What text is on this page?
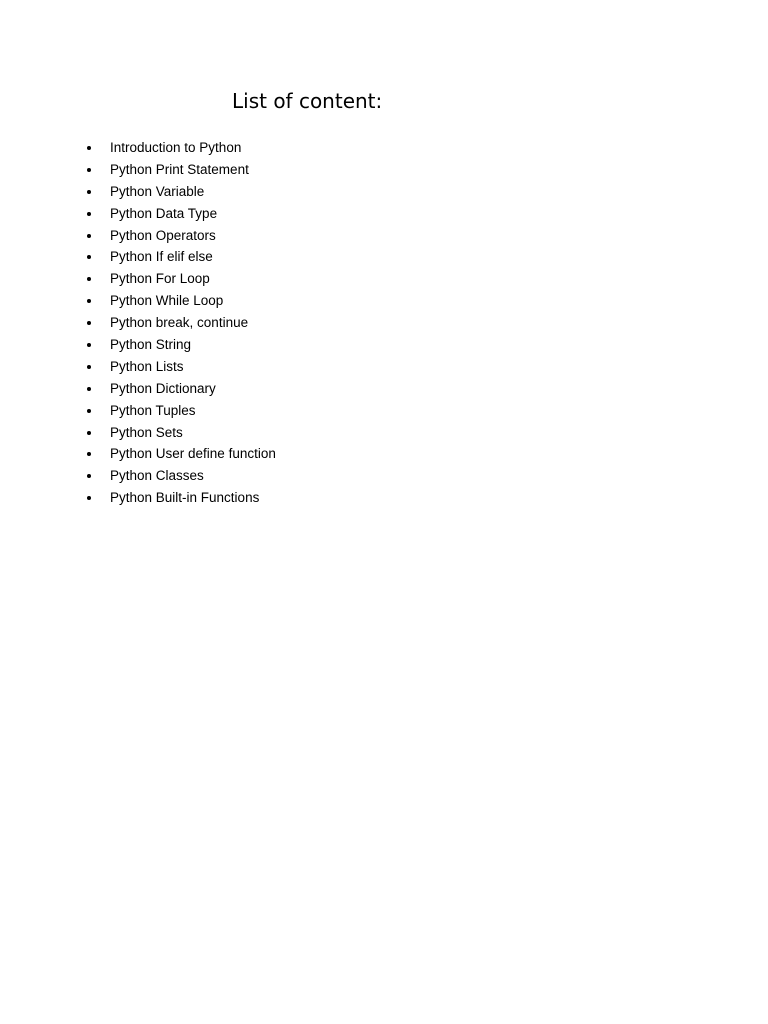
List of content:
Introduction to Python
Python Print Statement
Python Variable
Python Data Type
Python Operators
Python If elif else
Python For Loop
Python While Loop
Python break, continue
Python String
Python Lists
Python Dictionary
Python Tuples
Python Sets
Python User define function
Python Classes
Python Built-in Functions
